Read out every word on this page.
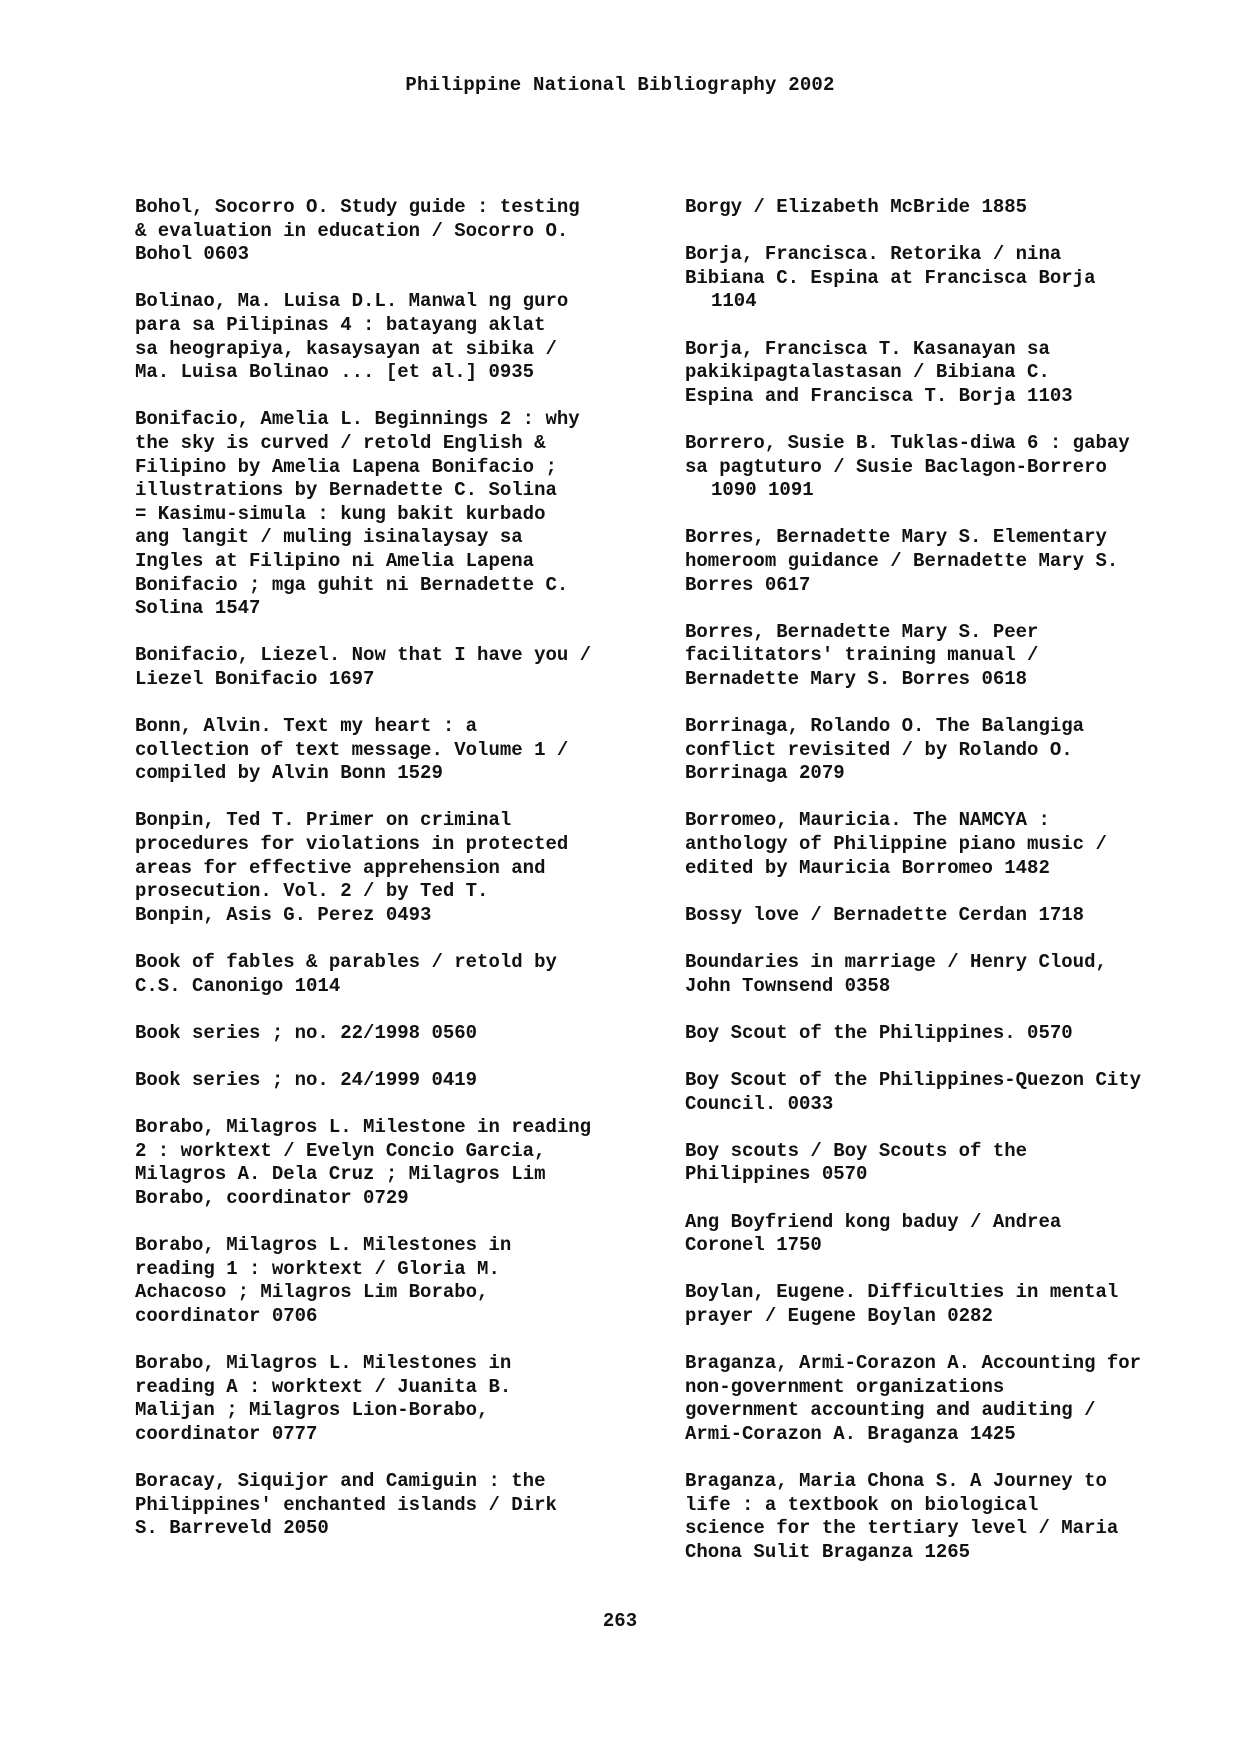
Philippine National Bibliography 2002
Bohol, Socorro O. Study guide : testing
& evaluation in education / Socorro O.
Bohol 0603
Bolinao, Ma. Luisa D.L. Manwal ng guro
para sa Pilipinas 4 : batayang aklat
sa heograpiya, kasaysayan at sibika /
Ma. Luisa Bolinao ... [et al.] 0935
Bonifacio, Amelia L. Beginnings 2 : why
the sky is curved / retold English &
Filipino by Amelia Lapena Bonifacio ;
illustrations by Bernadette C. Solina
= Kasimu-simula : kung bakit kurbado
ang langit / muling isinalaysay sa
Ingles at Filipino ni Amelia Lapena
Bonifacio ; mga guhit ni Bernadette C.
Solina 1547
Bonifacio, Liezel. Now that I have you /
Liezel Bonifacio 1697
Bonn, Alvin. Text my heart : a
collection of text message. Volume 1 /
compiled by Alvin Bonn 1529
Bonpin, Ted T. Primer on criminal
procedures for violations in protected
areas for effective apprehension and
prosecution. Vol. 2 / by Ted T.
Bonpin, Asis G. Perez 0493
Book of fables & parables / retold by
C.S. Canonigo 1014
Book series ; no. 22/1998 0560
Book series ; no. 24/1999 0419
Borabo, Milagros L. Milestone in reading
2 : worktext / Evelyn Concio Garcia,
Milagros A. Dela Cruz ; Milagros Lim
Borabo, coordinator 0729
Borabo, Milagros L. Milestones in
reading 1 : worktext / Gloria M.
Achacoso ; Milagros Lim Borabo,
coordinator 0706
Borabo, Milagros L. Milestones in
reading A : worktext / Juanita B.
Malijan ; Milagros Lion-Borabo,
coordinator 0777
Boracay, Siquijor and Camiguin : the
Philippines' enchanted islands / Dirk
S. Barreveld 2050
Borgy / Elizabeth McBride 1885
Borja, Francisca. Retorika / nina
Bibiana C. Espina at Francisca Borja
1104
Borja, Francisca T. Kasanayan sa
pakikipagtalastasan / Bibiana C.
Espina and Francisca T. Borja 1103
Borrero, Susie B. Tuklas-diwa 6 : gabay
sa pagtuturo / Susie Baclagon-Borrero
1090 1091
Borres, Bernadette Mary S. Elementary
homeroom guidance / Bernadette Mary S.
Borres 0617
Borres, Bernadette Mary S. Peer
facilitators' training manual /
Bernadette Mary S. Borres 0618
Borrinaga, Rolando O. The Balangiga
conflict revisited / by Rolando O.
Borrinaga 2079
Borromeo, Mauricia. The NAMCYA :
anthology of Philippine piano music /
edited by Mauricia Borromeo 1482
Bossy love / Bernadette Cerdan 1718
Boundaries in marriage / Henry Cloud,
John Townsend 0358
Boy Scout of the Philippines. 0570
Boy Scout of the Philippines-Quezon City
Council. 0033
Boy scouts / Boy Scouts of the
Philippines 0570
Ang Boyfriend kong baduy / Andrea
Coronel 1750
Boylan, Eugene. Difficulties in mental
prayer / Eugene Boylan 0282
Braganza, Armi-Corazon A. Accounting for
non-government organizations
government accounting and auditing /
Armi-Corazon A. Braganza 1425
Braganza, Maria Chona S. A Journey to
life : a textbook on biological
science for the tertiary level / Maria
Chona Sulit Braganza 1265
263
